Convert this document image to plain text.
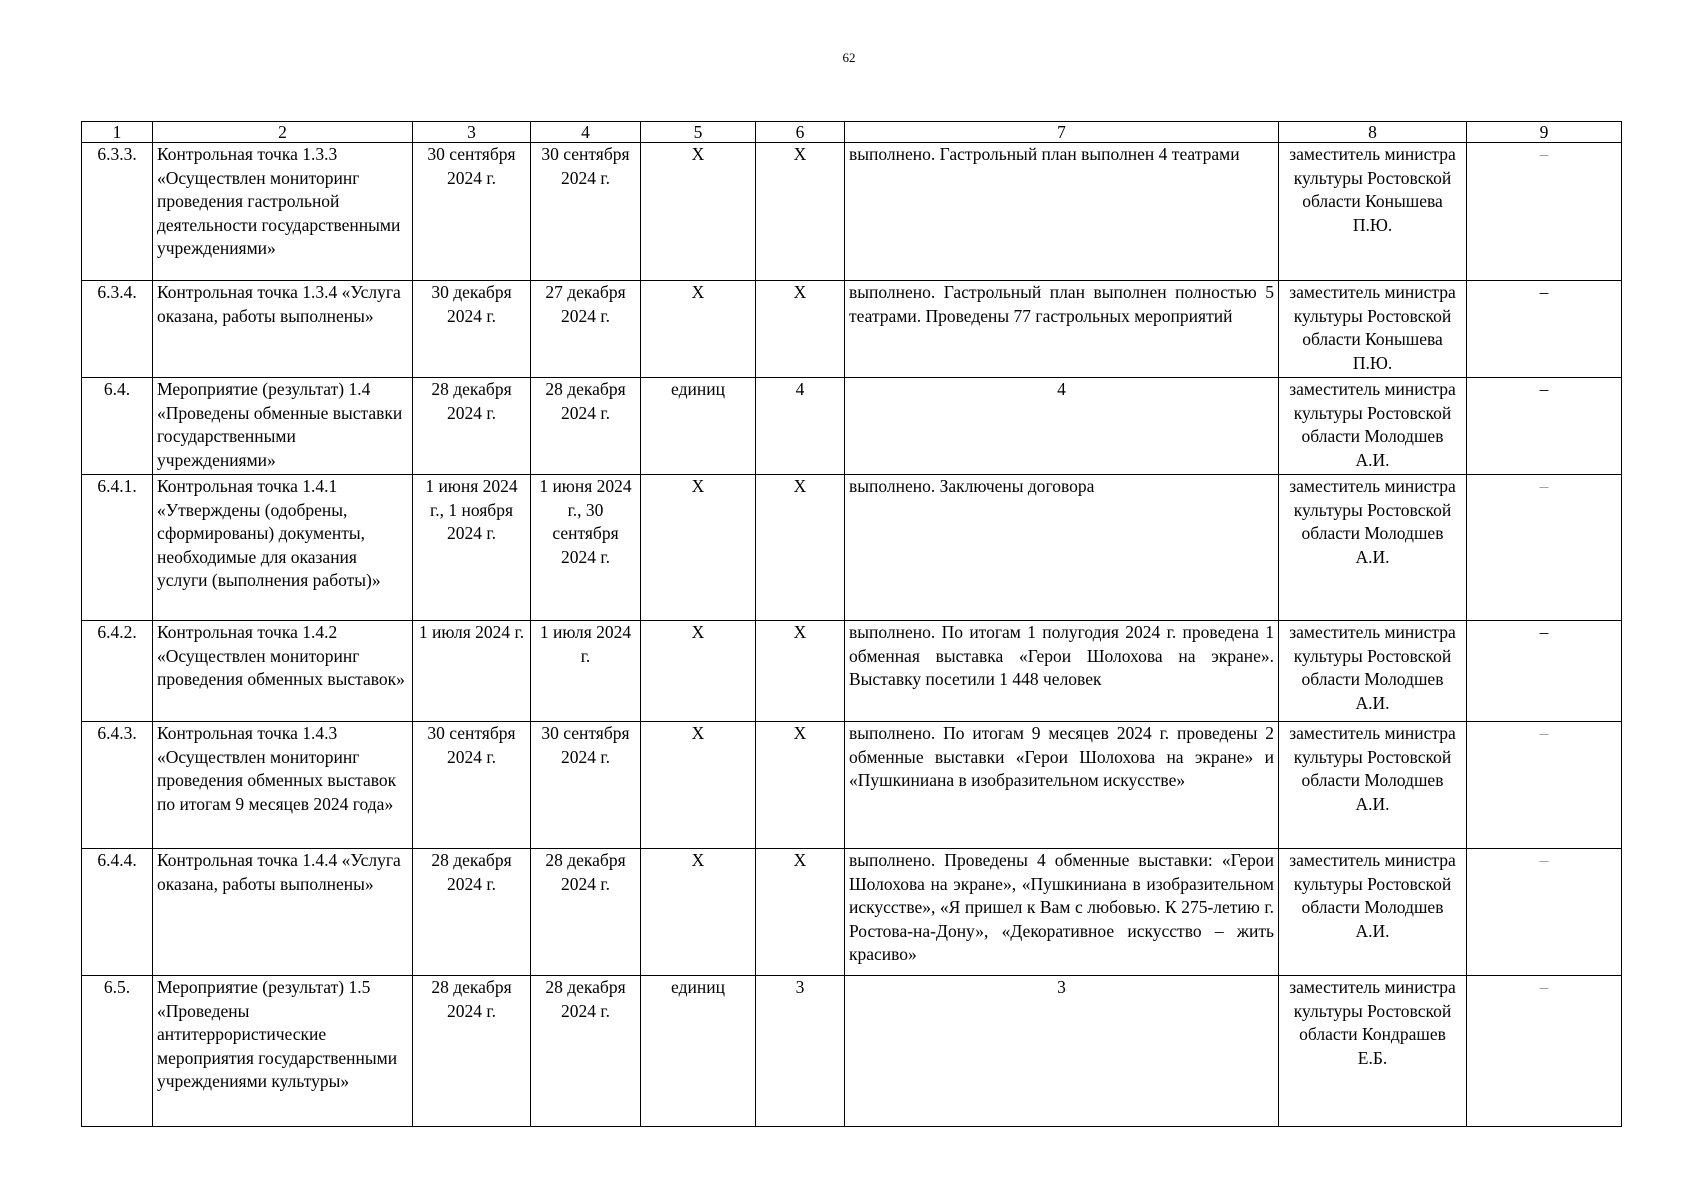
62
1	2	3	4	5	6	7	8	9
6.3.3.	Контрольная точка 1.3.3 «Осуществлен мониторинг проведения гастрольной деятельности государственными учреждениями»	30 сентября 2024 г.	30 сентября 2024 г.	Х	Х	выполнено. Гастрольный план выполнен 4 театрами	заместитель министра культуры Ростовской области Конышева П.Ю.	–
6.3.4.	Контрольная точка 1.3.4 «Услуга оказана, работы выполнены»	30 декабря 2024 г.	27 декабря 2024 г.	Х	Х	выполнено. Гастрольный план выполнен полностью 5 театрами. Проведены 77 гастрольных мероприятий	заместитель министра культуры Ростовской области Конышева П.Ю.	–
6.4.	Мероприятие (результат) 1.4 «Проведены обменные выставки государственными учреждениями»	28 декабря 2024 г.	28 декабря 2024 г.	единиц	4	4	заместитель министра культуры Ростовской области Молодшев А.И.	–
6.4.1.	Контрольная точка 1.4.1 «Утверждены (одобрены, сформированы) документы, необходимые для оказания услуги (выполнения работы)»	1 июня 2024 г., 1 ноября 2024 г.	1 июня 2024 г., 30 сентября 2024 г.	Х	Х	выполнено. Заключены договора	заместитель министра культуры Ростовской области Молодшев А.И.	–
6.4.2.	Контрольная точка 1.4.2 «Осуществлен мониторинг проведения обменных выставок»	1 июля 2024 г.	1 июля 2024 г.	Х	Х	выполнено. По итогам 1 полугодия 2024 г. проведена 1 обменная выставка «Герои Шолохова на экране». Выставку посетили 1 448 человек	заместитель министра культуры Ростовской области Молодшев А.И.	–
6.4.3.	Контрольная точка 1.4.3 «Осуществлен мониторинг проведения обменных выставок по итогам 9 месяцев 2024 года»	30 сентября 2024 г.	30 сентября 2024 г.	Х	Х	выполнено. По итогам 9 месяцев 2024 г. проведены 2 обменные выставки «Герои Шолохова на экране» и «Пушкиниана в изобразительном искусстве»	заместитель министра культуры Ростовской области Молодшев А.И.	–
6.4.4.	Контрольная точка 1.4.4 «Услуга оказана, работы выполнены»	28 декабря 2024 г.	28 декабря 2024 г.	Х	Х	выполнено. Проведены 4 обменные выставки: «Герои Шолохова на экране», «Пушкиниана в изобразительном искусстве», «Я пришел к Вам с любовью. К 275-летию г. Ростова-на-Дону», «Декоративное искусство – жить красиво»	заместитель министра культуры Ростовской области Молодшев А.И.	–
6.5.	Мероприятие (результат) 1.5 «Проведены антитеррористические мероприятия государственными учреждениями культуры»	28 декабря 2024 г.	28 декабря 2024 г.	единиц	3	3	заместитель министра культуры Ростовской области Кондрашев Е.Б.	–
